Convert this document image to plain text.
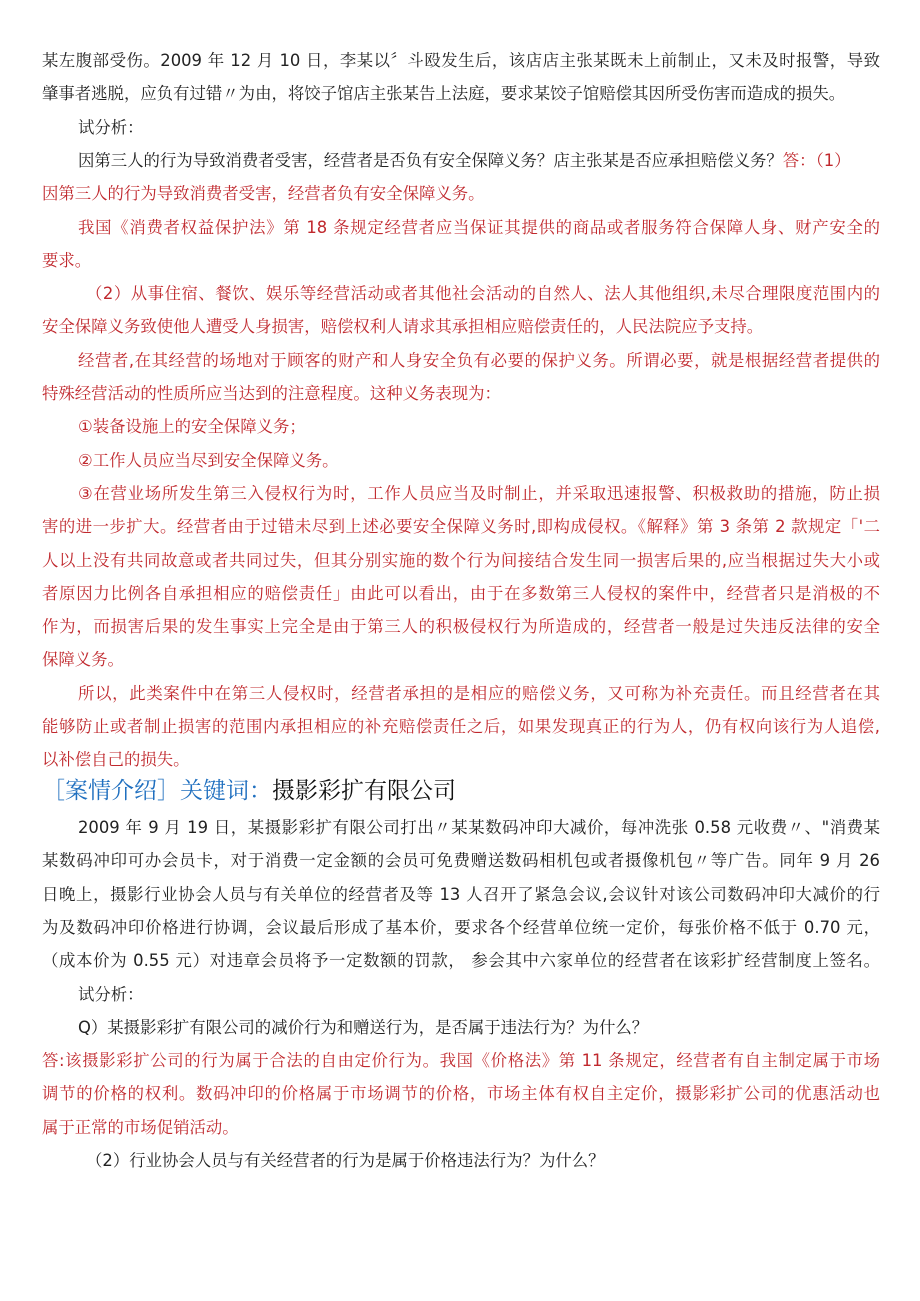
某左腹部受伤。2009 年 12 月 10 日，李某以〞斗殴发生后，该店店主张某既未上前制止，又未及时报警，导致
肇事者逃脱，应负有过错〃为由，将饺子馆店主张某告上法庭，要求某饺子馆赔偿其因所受伤害而造成的损失。
试分析：
因第三人的行为导致消费者受害，经营者是否负有安全保障义务？店主张某是否应承担赔偿义务？答：（1）
因第三人的行为导致消费者受害，经营者负有安全保障义务。
我国《消费者权益保护法》第 18 条规定经营者应当保证其提供的商品或者服务符合保障人身、财产安全的
要求。
（2）从事住宿、餐饮、娱乐等经营活动或者其他社会活动的自然人、法人其他组织,未尽合理限度范围内的
安全保障义务致使他人遭受人身损害，赔偿权利人请求其承担相应赔偿责任的，人民法院应予支持。
经营者,在其经营的场地对于顾客的财产和人身安全负有必要的保护义务。所谓必要，就是根据经营者提供的
特殊经营活动的性质所应当达到的注意程度。这种义务表现为：
①装备设施上的安全保障义务；
②工作人员应当尽到安全保障义务。
③在营业场所发生第三入侵权行为时，工作人员应当及时制止，并采取迅速报警、积极救助的措施，防止损
害的进一步扩大。经营者由于过错未尽到上述必要安全保障义务时,即构成侵权。《解释》第 3 条第 2 款规定「'二
人以上没有共同故意或者共同过失，但其分别实施的数个行为间接结合发生同一损害后果的,应当根据过失大小或
者原因力比例各自承担相应的赔偿责任」由此可以看出，由于在多数第三人侵权的案件中，经营者只是消极的不
作为，而损害后果的发生事实上完全是由于第三人的积极侵权行为所造成的，经营者一般是过失违反法律的安全
保障义务。
所以，此类案件中在第三人侵权时，经营者承担的是相应的赔偿义务，又可称为补充责任。而且经营者在其
能够防止或者制止损害的范围内承担相应的补充赔偿责任之后，如果发现真正的行为人，仍有权向该行为人追偿,
以补偿自己的损失。
［案情介绍］关键词：摄影彩扩有限公司
2009 年 9 月 19 日，某摄影彩扩有限公司打出〃某某数码冲印大减价，每冲洗张 0.58 元收费〃、"消费某
某数码冲印可办会员卡，对于消费一定金额的会员可免费赠送数码相机包或者摄像机包〃等广告。同年 9 月 26
日晚上，摄影行业协会人员与有关单位的经营者及等 13 人召开了紧急会议,会议针对该公司数码冲印大减价的行
为及数码冲印价格进行协调，会议最后形成了基本价，要求各个经营单位统一定价，每张价格不低于 0.70 元，
（成本价为 0.55 元）对违章会员将予一定数额的罚款， 参会其中六家单位的经营者在该彩扩经营制度上签名。
试分析：
Q）某摄影彩扩有限公司的减价行为和赠送行为，是否属于违法行为？为什么？
答:该摄影彩扩公司的行为属于合法的自由定价行为。我国《价格法》第 11 条规定，经营者有自主制定属于市场
调节的价格的权利。数码冲印的价格属于市场调节的价格，市场主体有权自主定价，摄影彩扩公司的优惠活动也
属于正常的市场促销活动。
（2）行业协会人员与有关经营者的行为是属于价格违法行为？为什么？
